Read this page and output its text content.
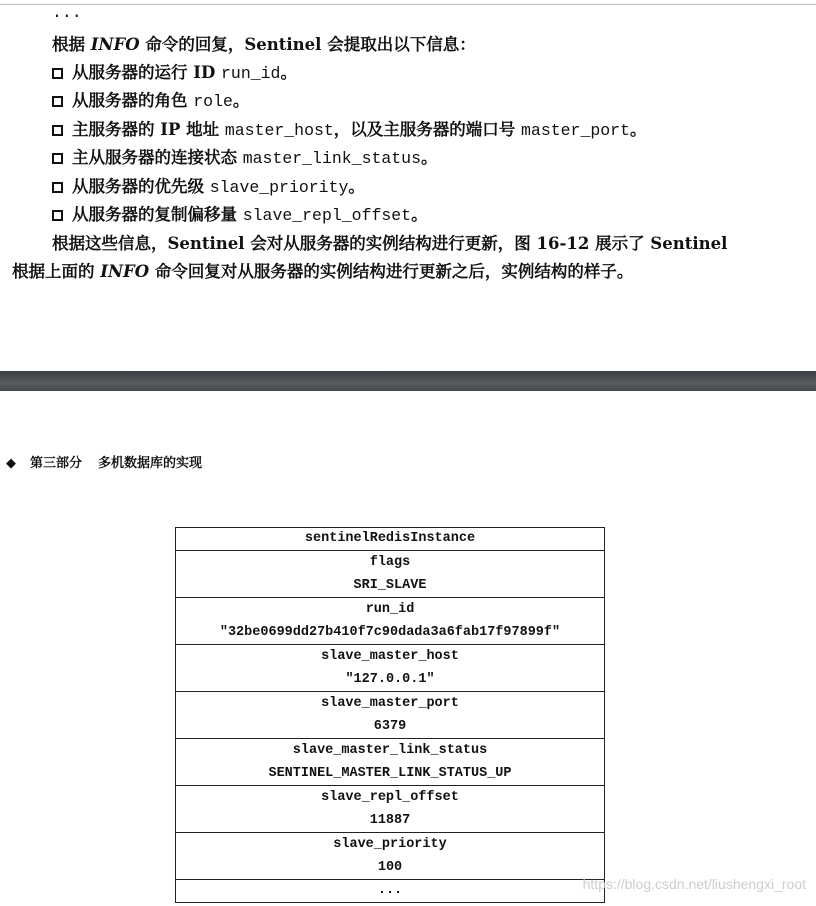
...
根据 INFO 命令的回复，Sentinel 会提取出以下信息：
从服务器的运行 ID run_id。
从服务器的角色 role。
主服务器的 IP 地址 master_host，以及主服务器的端口号 master_port。
主从服务器的连接状态 master_link_status。
从服务器的优先级 slave_priority。
从服务器的复制偏移量 slave_repl_offset。
根据这些信息，Sentinel 会对从服务器的实例结构进行更新，图 16-12 展示了 Sentinel
根据上面的 INFO 命令回复对从服务器的实例结构进行更新之后，实例结构的样子。
◆ 第三部分 多机数据库的实现
sentinelRedisInstance

flags
SRI_SLAVE

run_id
"32be0699dd27b410f7c90dada3a6fab17f97899f"

slave_master_host
"127.0.0.1"

slave_master_port
6379

slave_master_link_status
SENTINEL_MASTER_LINK_STATUS_UP

slave_repl_offset
11887

slave_priority
100

...	https://blog.csdn.net/liushengxi_root
